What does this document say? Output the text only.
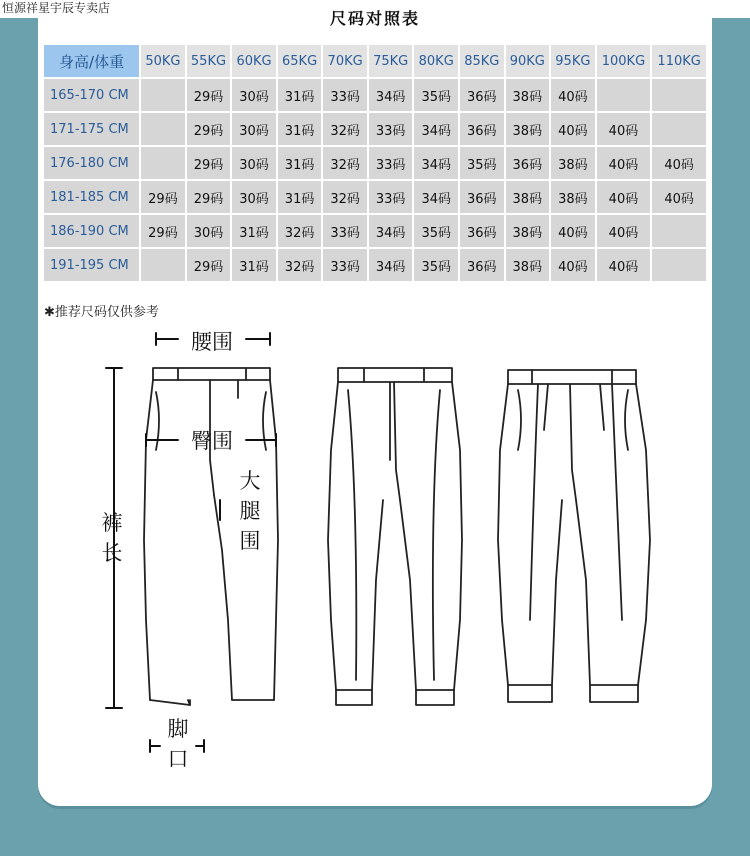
恒源祥星宇辰专卖店
尺码对照表
身高/体重	50KG	55KG	60KG	65KG	70KG	75KG	80KG	85KG	90KG	95KG	100KG	110KG
165-170 CM		29码	30码	31码	33码	34码	35码	36码	38码	40码		
171-175 CM		29码	30码	31码	32码	33码	34码	36码	38码	40码	40码	
176-180 CM		29码	30码	31码	32码	33码	34码	35码	36码	38码	40码	40码
181-185 CM	29码	29码	30码	31码	32码	33码	34码	36码	38码	38码	40码	40码
186-190 CM	29码	30码	31码	32码	33码	34码	35码	36码	38码	40码	40码	
191-195 CM		29码	31码	32码	33码	34码	35码	36码	38码	40码	40码	
✱推荐尺码仅供参考
腰围
臀围
大
腿
围
裤
长
脚
口
